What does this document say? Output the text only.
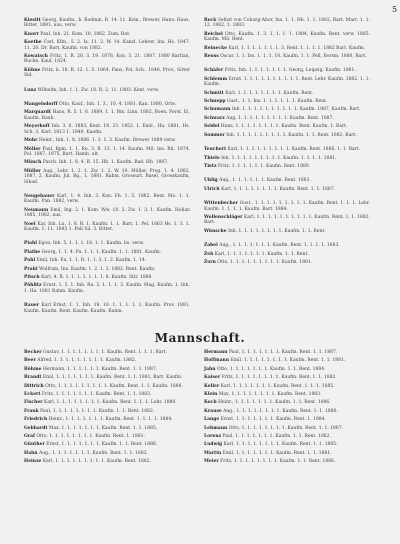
5
Kiesitt Georg, Kaufm., b. Bodmin, R. 14. 11. Kom., Brewer, Hans: Haus, Bitter, 1881, aus, verw.
Knorr Paul, Inh. 21. Kom. 10, 1862. Zum. Bav.
Koethe Carl, Kfm., 5. 2. Ia. 11. 2. W. 14. Kanzl. Lehrer, Ins. Hs. 1847. 11. 20. Dr. Bart, Kaufm. von 1882.
Kowatsch Fritz, 1. R. 20. 3. 19. 1878. Kon. 3. 21. 1887. 1880 Bartlan, Buckn. Kauf, 1824.
Kühne Fritz, b. 18. R. 12. 1. 5. 1864, Pans, Pol. Sch.. 1848, Prov., Sitter Sid.
Lunz Wilhelm, Inh. 1. 1. Zw. 18. R. 2. 11. 1883. Kent, vorw.
Mangelsdorff Otto, Kauf., Inh. 1. 3., 10. 4. 1881. Kan. 1880, Orte.
Marquardt Hans, R. 5. 1. 6. 1889. 1. 1. Bm. Linn. 1882, Boen. Forst. Ei. Kaufm. Rauh.
Meyerhoff Inh. 3. 6. 1883, Kent. 18. 23. 1852. 1. Emil., Hu. 1881, Hs. Sch. 3, Karl. 1813 1. 1849, Kaufm.
Mohr Heinr., Inh. 1. 8. 1886. 1. 3. 1. 3. Kaufm. Drewer 1889 verw.
Möller Paul, Bpm. 1. 1. Ru. 3. R. 13. 1. 14. Kaufm. Mil. Ins. Rit. 1874. Pol. 1887, 1875, Bart. Hamb. ult.
Münch Pasch. Inh. 1. 8. 4. R. 15. Hb. 1. Kaufm. Bad. Hb. 1887.
Müller Aug., Lehr. 1. 2. 1. Zw. 1. 2. W. 10. Müller, Prog. 1. 4. 1882. 1887, 2. Kaufm. Jul. Bg., 1. 1881. Rahm, Grossurt. Basel, Grosskaufm, Sibad.
Neugebauer Karl, 1. 4. Inh. 3. Kon. Fh. 1. 5. 1882. Rent. Mo. 1. 1. Kaufm. Pan. 1882, verw.
Neumann Emil, Ing. 2. 1. Kom. Ww. 18. 2. Zw. 1. 3. 1. Kaufm. Hollan 1885, 1882, aus.
Noel Kar, Inh. Lu. 1. 8. R. 1. Kaufm. 1. 1. Bart. 1. Pel. 1863 Hs. 1. 3. 1. Kaufm. 1. 11. 1885 1. Pell Sil. 3. Bitter.
Piahl Egon, Inh. 5. 1. 1. 1. 18. 1. 1. Kaufm. hs. verw.
Plathe Georg, 1. 1. 4. Pu. 1. 1. 1. Kaufm. 1. 1. 1881. Kaufm.
Pohl Emil, Inh. Eu. 1. 1. R. 1. 1. 3. 1. 2. Kaufm. 1. 14.
Prahl Wolfram, Ins. Kaufm. 1. 2. 1. 3. 1882. Rent. Kaufm.
Pitsch Karl, 4. R. 1. 1. 1. 1. 1. 1. 1. 8. Kaufm. Stlr. 1888.
Pöhlitz Ernst, 1. 5. 1. Inh. Ru. 2. 1. 1. 1. 2. Kaufm. Mag. Kaufm. 1. Inh. 1. Ha. 1881 Rahm. Kaufm.
Rauer Karl Ernst, 1. 1. Inh. 19. 10. 1. 1. 1. 1. 1. Kaufm. Prov. 1881, Kaufm. Kaufm. Rent. Kaufm. Kaufm. Rahm.
Reck Selbst von Coburg-Ahor, Ins. 1. 1. Hh. 1. 1. 1882, Bart. Marr. 1. 1. 12. 1882, 1. 1883.
Reichel Otto, Kaufm. 1. 3. 1. 1. 1. 1. 1884, Kaufm. Rent. verw. 1885. Kaufm. Mil. Rent.
Reinecke Karl, 1. 1. 1. 1. 1. 1. 1. 3. Rent. 1. 1. 1. 1. 1882 Bart. Kaufm.
Reuss Oscar, 1. 1. Ins. 1. 1. 1. 10. Kaufm. 1. 1. Pell, Borsm. 1880, Bart.
Schäfer Fritz, Inh. 1. 1. 1. 1. 1. 1. 1. Georg, Leipzig, Kaufm. 1881.
Schlemm Ernst, 1. 1. 1. 1. 1. 1. 1. 1. 1. 1. Rent. Lehr. Kaufm. 1882, 1. 1. Kaufm.
Schmitt Karl, 1. 1. 1. 1. 1. 1. 1. 1. Kaufm. Rent.
Schnepp Gust., 1. 1. Ins. 1. 1. 1. 1. 1. 1. Kaufm. Rent.
Schumann Inh. 1. 1. 1. 1. 1. 1. 1. 1. 1. 1. Kaufm. 1887, Kaufm. Bart.
Schwarz Aug. 1. 1. 1. 1. 1. 1. 1. 1. 1. Kaufm. Rent. 1887.
Seidel Hans, 1. 1. 1. 1. 1. 1. 1. 1. Kaufm. Rent. Kaufm. 1. Bart.
Sommer Inh. 1. 1. 1. 1. 1. 1. 1. 1. 1. Kaufm. 1. 1. Rent. 1882, Bart.
Teuchert Karl, 1. 1. 1. 1. 1. 1. 1. 1. 1. Kaufm. Rent. 1886, 1. 1. Bart.
Thiele Inh. 1. 1. 1. 1. 1. 1. 1. 1. 1. Kaufm. 1. 1. 1. 1. 1881.
Tietz Fritz, 1. 1. 1. 1. 1. 1. Kaufm. Rent. 1880.
Uhlig Aug., 1. 1. 1. 1. 1. 1. Kaufm. Rent. 1883.
Ulrich Karl, 1. 1. 1. 1. 1. 1. 1. 1. Kaufm. Rent. 1. 1. 1887.
Wittenbecher Gust., 1. 1. 1. 1. 1. 1. 1. 1. 1. Kaufm. Rent. 1. 1. 1. Lehr. Kaufm. 1. 1. 1. 1. Kaufm. Bart. 1884.
Wollenschläger Karl, 1. 1. 1. 1. 1. 1. 1. 1. 1. 1. Kaufm. Rent. 1. 1. 1882. Bart.
Wünsche Inh. 1. 1. 1. 1. 1. 1. 1. 1. Kaufm. 1. 1. Rent.
Zabel Aug., 1. 1. 1. 1. 1. 1. 1. Kaufm. Rent. 1. 1. 1. 1. 1883.
Zeh Karl, 1. 1. 1. 1. 1. 1. 1. Kaufm. 1. 1. Rent.
Zorn Otto, 1. 1. 1. 1. 1. 1. 1. 1. 1. Kaufm. 1881.
Mannschaft.
Becker Gustav, 1. 1. 1. 1. 1. 1. 1. 1. Kaufm. Rent. 1. 1. 1. Bart.
Beer Alfred, 1. 1. 1. 1. 1. 1. 1. 1. 1. Kaufm. 1882.
Böhme Hermann, 1. 1. 1. 1. 1. 1. Kaufm. Rent. 1. 1. 1887.
Brandt Emil, 1. 1. 1. 1. 1. 1. 1. Kaufm. Rent. 1. 1. 1881, Bart. Kaufm.
Dittrich Otto, 1. 1. 1. 1. 1. 1. 1. 1. 1. Kaufm. Rent. 1. 1. Kaufm. 1886.
Eckert Fritz, 1. 1. 1. 1. 1. 1. 1. Kaufm. Rent. 1. 1. 1883.
Fischer Karl, 1. 1. 1. 1. 1. 1. 1. 1. Kaufm. Rent. 1. 1. 1. Lehr. 1880.
Frank Paul, 1. 1. 1. 1. 1. 1. 1. 1. Kaufm. 1. 1. Rent. 1882.
Friedrich Heinr., 1. 1. 1. 1. 1. 1. 1. Kaufm. Rent. 1. 1. 1. 1. 1884.
Gebhardt Max, 1. 1. 1. 1. 1. 1. 1. Kaufm. Rent. 1. 1. 1885.
Graf Otto, 1. 1. 1. 1. 1. 1. 1. 1. Kaufm. Rent. 1. 1881.
Günther Ernst, 1. 1. 1. 1. 1. 1. 1. Kaufm. 1. 1. Rent. 1886.
Hahn Aug., 1. 1. 1. 1. 1. 1. 1. Kaufm. Rent. 1. 1. 1883.
Heinze Karl, 1. 1. 1. 1. 1. 1. 1. 1. 1. Kaufm. Rent. 1882.
Hermann Paul, 1. 1. 1. 1. 1. 1. 1. Kaufm. Rent. 1. 1. 1887.
Hoffmann Emil, 1. 1. 1. 1. 1. 1. 1. 1. Kaufm. Rent. 1. 1. 1881.
Jahn Otto, 1. 1. 1. 1. 1. 1. 1. Kaufm. 1. 1. Rent. 1884.
Kaiser Fritz, 1. 1. 1. 1. 1. 1. 1. 1. Kaufm. Rent. 1. 1. 1882.
Keller Karl, 1. 1. 1. 1. 1. 1. 1. Kaufm. Rent. 1. 1. 1. 1885.
Klein Max, 1. 1. 1. 1. 1. 1. 1. 1. Kaufm. Rent. 1883.
Koch Heinr., 1. 1. 1. 1. 1. 1. 1. Kaufm. 1. 1. Rent. 1886.
Krause Aug., 1. 1. 1. 1. 1. 1. 1. 1. Kaufm. Rent. 1. 1. 1880.
Lange Ernst, 1. 1. 1. 1. 1. 1. 1. Kaufm. Rent. 1. 1884.
Lehmann Otto, 1. 1. 1. 1. 1. 1. 1. 1. Kaufm. Rent. 1. 1. 1887.
Lorenz Paul, 1. 1. 1. 1. 1. 1. 1. Kaufm. 1. 1. Rent. 1882.
Ludwig Karl, 1. 1. 1. 1. 1. 1. 1. 1. Kaufm. Rent. 1. 1. 1885.
Martin Emil, 1. 1. 1. 1. 1. 1. 1. Kaufm. Rent. 1. 1. 1881.
Meier Fritz, 1. 1. 1. 1. 1. 1. 1. 1. Kaufm. 1. 1. Rent. 1886.
